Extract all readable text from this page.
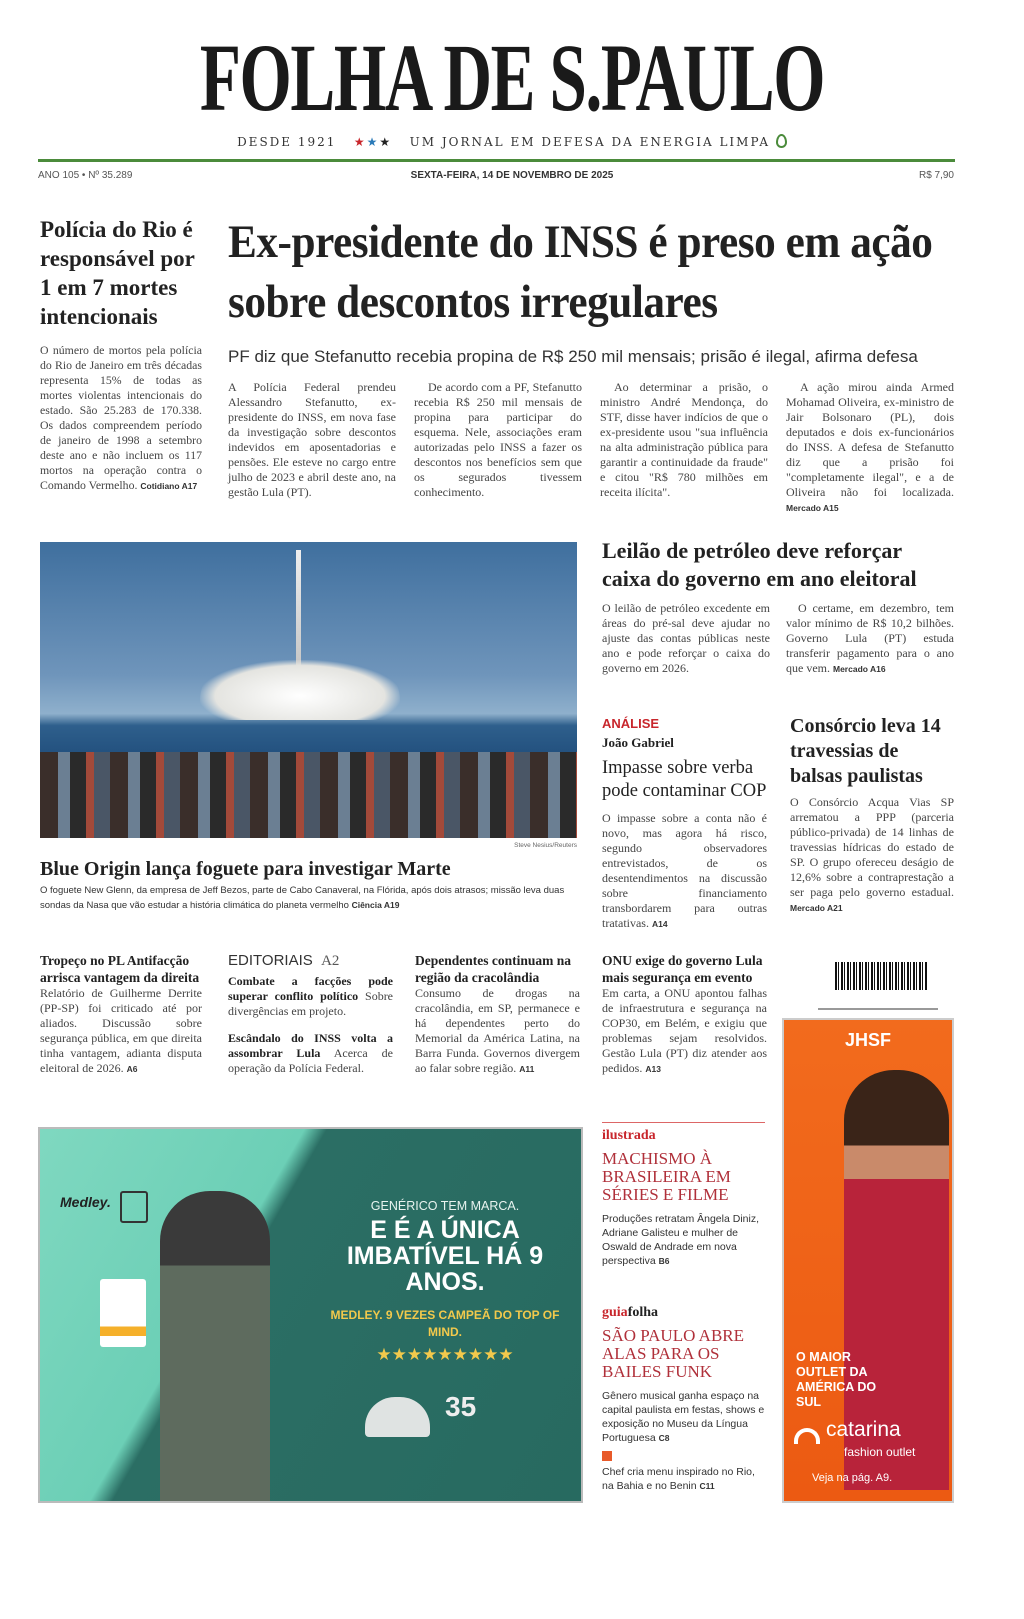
FOLHA DE S.PAULO
DESDE 1921 ★★★ UM JORNAL EM DEFESA DA ENERGIA LIMPA
ANO 105 • Nº 35.289	SEXTA-FEIRA, 14 DE NOVEMBRO DE 2025	R$ 7,90
Polícia do Rio é responsável por 1 em 7 mortes intencionais

O número de mortos pela polícia do Rio de Janeiro em três décadas representa 15% de todas as mortes violentas intencionais do estado. São 25.283 de 170.338. Os dados compreendem período de janeiro de 1998 a setembro deste ano e não incluem os 117 mortos na operação contra o Comando Vermelho. Cotidiano A17

Ex-presidente do INSS é preso em ação sobre descontos irregulares
PF diz que Stefanutto recebia propina de R$ 250 mil mensais; prisão é ilegal, afirma defesa

A Polícia Federal prendeu Alessandro Stefanutto, ex-presidente do INSS, em nova fase da investigação sobre descontos indevidos em aposentadorias e pensões. Ele esteve no cargo entre julho de 2023 e abril deste ano, na gestão Lula (PT).

De acordo com a PF, Stefanutto recebia R$ 250 mil mensais de propina para participar do esquema. Nele, associações eram autorizadas pelo INSS a fazer os descontos nos benefícios sem que os segurados tivessem conhecimento.

Ao determinar a prisão, o ministro André Mendonça, do STF, disse haver indícios de que o ex-presidente usou "sua influência na alta administração pública para garantir a continuidade da fraude" e citou "R$ 780 milhões em receita ilícita".

A ação mirou ainda Armed Mohamad Oliveira, ex-ministro de Jair Bolsonaro (PL), dois deputados e dois ex-funcionários do INSS. A defesa de Stefanutto diz que a prisão foi "completamente ilegal", e a de Oliveira não foi localizada. Mercado A15

Steve Nesius/Reuters
Blue Origin lança foguete para investigar Marte
O foguete New Glenn, da empresa de Jeff Bezos, parte de Cabo Canaveral, na Flórida, após dois atrasos; missão leva duas sondas da Nasa que vão estudar a história climática do planeta vermelho Ciência A19
Leilão de petróleo deve reforçar caixa do governo em ano eleitoral

O leilão de petróleo excedente em áreas do pré-sal deve ajudar no ajuste das contas públicas neste ano e pode reforçar o caixa do governo em 2026.

O certame, em dezembro, tem valor mínimo de R$ 10,2 bilhões. Governo Lula (PT) estuda transferir pagamento para o ano que vem. Mercado A16

ANÁLISE
João Gabriel
Impasse sobre verba pode contaminar COP

O impasse sobre a conta não é novo, mas agora há risco, segundo observadores entrevistados, de os desentendimentos na discussão sobre financiamento transbordarem para outras tratativas. A14

Consórcio leva 14 travessias de balsas paulistas

O Consórcio Acqua Vias SP arrematou a PPP (parceria público-privada) de 14 linhas de travessias hídricas do estado de SP. O grupo ofereceu deságio de 12,6% sobre a contraprestação a ser paga pelo governo estadual. Mercado A21

Tropeço no PL Antifacção arrisca vantagem da direita

Relatório de Guilherme Derrite (PP-SP) foi criticado até por aliados. Discussão sobre segurança pública, em que direita tinha vantagem, adianta disputa eleitoral de 2026. A6

EDITORIAIS A2

Combate a facções pode superar conflito político Sobre divergências em projeto.

Escândalo do INSS volta a assombrar Lula Acerca de operação da Polícia Federal.

Dependentes continuam na região da cracolândia

Consumo de drogas na cracolândia, em SP, permanece e há dependentes perto do Memorial da América Latina, na Barra Funda. Governos divergem ao falar sobre região. A11

ONU exige do governo Lula mais segurança em evento

Em carta, a ONU apontou falhas de infraestrutura e segurança na COP30, em Belém, e exigiu que problemas sejam resolvidos. Gestão Lula (PT) diz atender aos pedidos. A13

Medley.	GENÉRICO TEM MARCA.
E É A ÚNICA IMBATÍVEL HÁ 9 ANOS.
MEDLEY. 9 VEZES CAMPEÃ DO TOP OF MIND.
★★★★★★★★★
35
ilustrada
MACHISMO À BRASILEIRA EM SÉRIES E FILME

Produções retratam Ângela Diniz, Adriane Galisteu e mulher de Oswald de Andrade em nova perspectiva B6

guiafolha
SÃO PAULO ABRE ALAS PARA OS BAILES FUNK

Gênero musical ganha espaço na capital paulista em festas, shows e exposição no Museu da Língua Portuguesa C8

Chef cria menu inspirado no Rio, na Bahia e no Benin C11

JHSF
O MAIOR OUTLET DA AMÉRICA DO SUL
catarina
fashion outlet
Veja na pág. A9.
